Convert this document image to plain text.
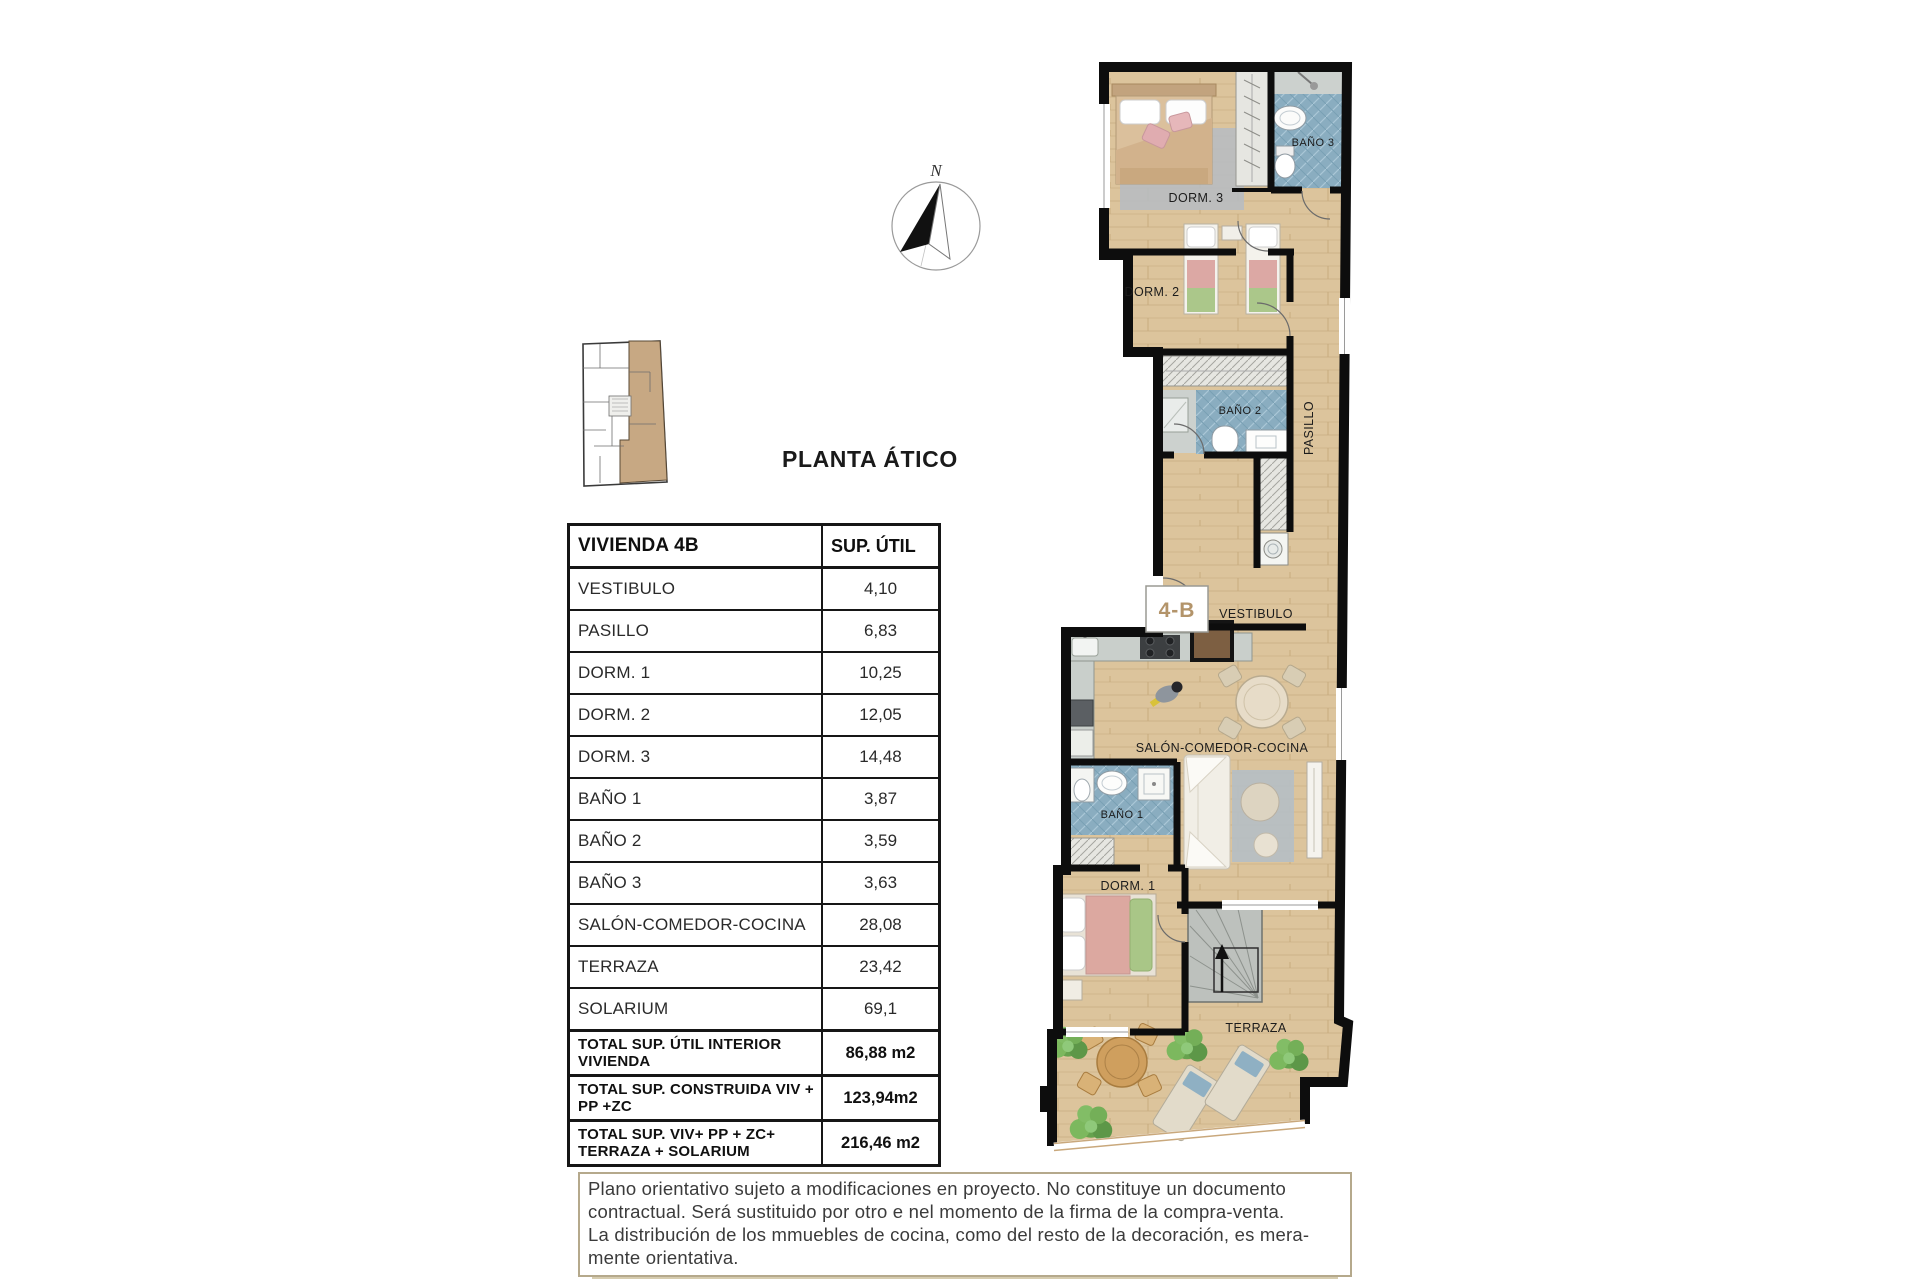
PLANTA ÁTICO
N
VIVIENDA 4B	SUP. ÚTIL
VESTIBULO	4,10
PASILLO	6,83
DORM. 1	10,25
DORM. 2	12,05
DORM. 3	14,48
BAÑO 1	3,87
BAÑO 2	3,59
BAÑO 3	3,63
SALÓN-COMEDOR-COCINA	28,08
TERRAZA	23,42
SOLARIUM	69,1
TOTAL SUP. ÚTIL INTERIOR VIVIENDA	86,88 m2
TOTAL SUP. CONSTRUIDA VIV + PP +ZC	123,94m2
TOTAL SUP. VIV+ PP + ZC+ TERRAZA + SOLARIUM	216,46 m2
4-B
DORM. 3
BAÑO 3
DORM. 2
BAÑO 2	PASILLO
VESTIBULO
SALÓN-COMEDOR-COCINA
BAÑO 1
DORM. 1
TERRAZA
Plano orientativo sujeto a modificaciones en proyecto. No constituye un documento
contractual. Será sustituido por otro e nel momento de la firma de la compra-venta.
La distribución de los mmuebles de cocina, como del resto de la decoración, es mera-
mente orientativa.
